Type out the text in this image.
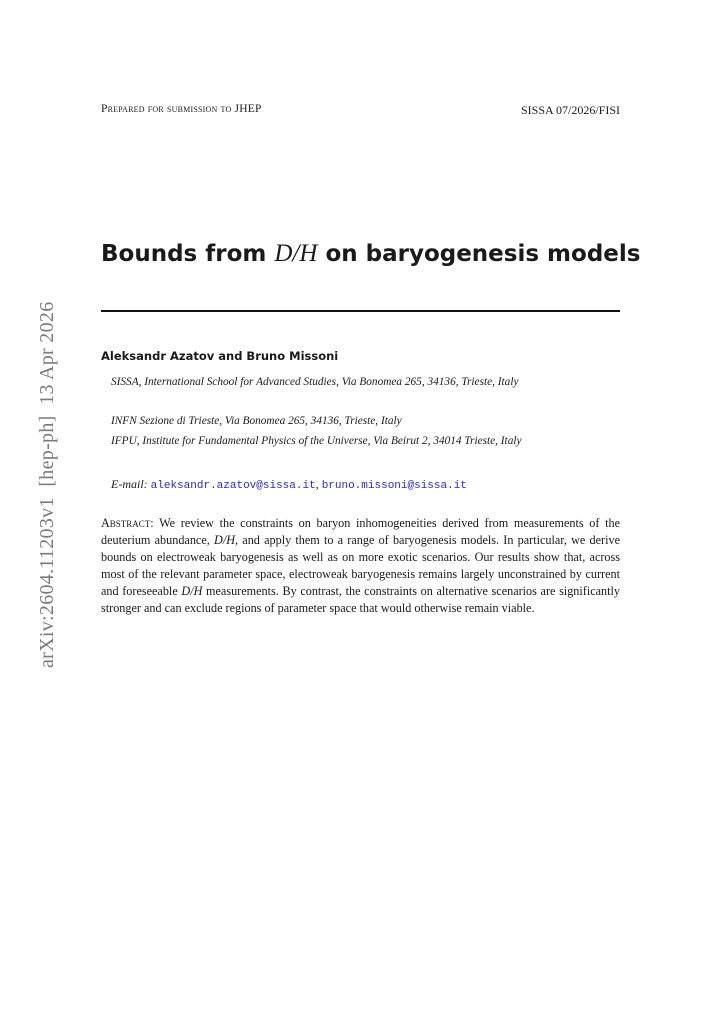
Prepared for submission to JHEP	SISSA 07/2026/FISI
arXiv:2604.11203v1  [hep-ph]  13 Apr 2026
Bounds from D/H on baryogenesis models
Aleksandr Azatov and Bruno Missoni
SISSA, International School for Advanced Studies, Via Bonomea 265, 34136, Trieste, Italy
INFN Sezione di Trieste, Via Bonomea 265, 34136, Trieste, Italy
IFPU, Institute for Fundamental Physics of the Universe, Via Beirut 2, 34014 Trieste, Italy
E-mail: aleksandr.azatov@sissa.it, bruno.missoni@sissa.it
Abstract: We review the constraints on baryon inhomogeneities derived from measurements of the deuterium abundance, D/H, and apply them to a range of baryogenesis models. In particular, we derive bounds on electroweak baryogenesis as well as on more exotic scenarios. Our results show that, across most of the relevant parameter space, electroweak baryogenesis remains largely unconstrained by current and foreseeable D/H measurements. By contrast, the constraints on alternative scenarios are significantly stronger and can exclude regions of parameter space that would otherwise remain viable.
